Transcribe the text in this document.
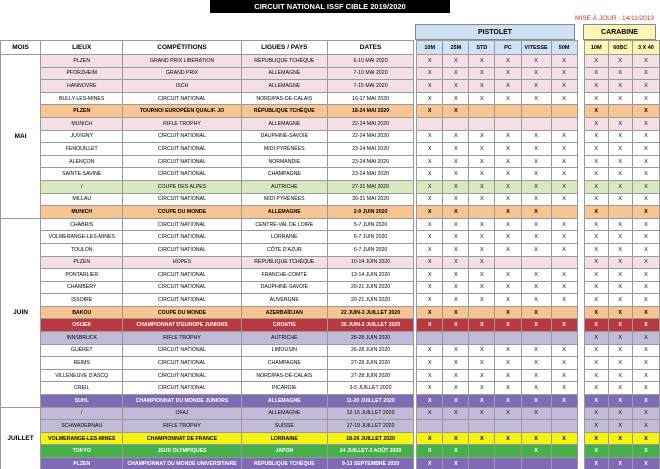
CIRCUIT NATIONAL ISSF CIBLE 2019/2020
MISE À JOUR : 14/11/2019
PISTOLET	CARABINE
MOIS	LIEUX	COMPÉTITIONS	LIGUES / PAYS	DATES		10M	25M	STD	PC	VITESSE	50M		10M	60BC	3 X 40
MAI	PLZEN	GRAND PRIX LIBÉRATION	RÉPUBLIQUE TCHÈQUE	6-10 MAI 2020		X	X	X	X	X	X		X	X	X
	PFORZHEIM	GRAND PRIX	ALLEMAGNE	7-10 MAI 2020		X	X	X	X	X	X		X	X	X
	HANNOVRE	ISCH	ALLEMAGNE	7-15 MAI 2020		X	X	X	X	X	X		X	X	X
	BULLY-LES-MINES	CIRCUIT NATIONAL	NORD/PAS-DE-CALAIS	16-17 MAI 2020		X	X	X	X	X	X		X	X	X
	PLZEN	TOURNOI EUROPÉEN QUALIF. JO	RÉPUBLIQUE TCHÈQUE	18-24 MAI 2020		X	X						X		X
	MUNICH	RIFLE TROPHY	ALLEMAGNE	22-24 MAI 2020									X	X	X
	JUVIGNY	CIRCUIT NATIONAL	DAUPHINÉ-SAVOIE	22-24 MAI 2020		X	X	X	X	X	X		X	X	X
	FENOUILLET	CIRCUIT NATIONAL	MIDI PYRÉNÉES	23-24 MAI 2020		X	X	X	X	X	X		X	X	X
	ALENÇON	CIRCUIT NATIONAL	NORMANDIE	23-24 MAI 2020		X	X	X	X	X	X		X	X	X
	SAINTE-SAVINE	CIRCUIT NATIONAL	CHAMPAGNE	23-24 MAI 2020		X	X	X	X	X	X		X	X	X
	/	COUPE DES ALPES	AUTRICHE	27-31 MAI 2020		X	X	X	X	X	X		X	X	X
	MILLAU	CIRCUIT NATIONAL	MIDI PYRÉNÉES	30-31 MAI 2020		X	X	X	X	X	X		X	X	X
	MUNICH	COUPE DU MONDE	ALLEMAGNE	2-9 JUIN 2020		X	X		X	X			X		X
JUIN	CHABRIS	CIRCUIT NATIONAL	CENTRE-VAL DE LOIRE	5-7 JUIN 2020		X	X	X	X	X	X		X	X	X
	VOLMERANGE-LES-MINES	CIRCUIT NATIONAL	LORRAINE	6-7 JUIN 2020		X	X	X	X	X	X		X	X	X
	TOULON	CIRCUIT NATIONAL	CÔTE D'AZUR	6-7 JUIN 2020		X	X	X	X	X	X		X	X	X
	PLZEN	HOPES	RÉPUBLIQUE TCHÈQUE	10-14 JUIN 2020		X	X	X					X	X	X
	PONTARLIER	CIRCUIT NATIONAL	FRANCHE-COMTÉ	13-14 JUIN 2020		X	X	X	X	X	X		X	X	X
	CHAMBÉRY	CIRCUIT NATIONAL	DAUPHINÉ-SAVOIE	20-21 JUIN 2020		X	X	X	X	X	X		X	X	X
	ISSOIRE	CIRCUIT NATIONAL	AUVERGNE	20-21 JUIN 2020		X	X	X	X	X	X		X	X	X
	BAKOU	COUPE DU MONDE	AZERBAÏDJAN	22 JUIN-3 JUILLET 2020		X	X		X	X			X	X	X
	OSIJEK	CHAMPIONNAT D'EUROPE JUNIORS	CROATIE	25 JUIN-2 JUILLET 2020		X	X	X	X	X	X		X	X	X
	INNSBRUCK	RIFLE TROPHY	AUTRICHE	26-28 JUIN 2020									X	X	X
	GUÉRET	CIRCUIT NATIONAL	LIMOUSIN	26-28 JUIN 2020		X	X	X	X	X	X		X	X	X
	REIMS	CIRCUIT NATIONAL	CHAMPAGNE	27-28 JUIN 2020		X	X	X	X	X	X		X	X	X
	VILLENEUVE D'ASCQ	CIRCUIT NATIONAL	NORD/PAS-DE-CALAIS	27-28 JUIN 2020		X	X	X	X	X	X		X	X	X
	CREIL	CIRCUIT NATIONAL	PICARDIE	3-5 JUILLET 2020		X	X	X	X	X	X		X	X	X
	SUHL	CHAMPIONNAT DU MONDE JUNIORS	ALLEMAGNE	11-20 JUILLET 2020		X	X	X	X	X	X		X	X	X
JUILLET	/	OFAJ	ALLEMAGNE	12-16 JUILLET 2020		X	X	X	X	X			X	X	X
	SCHWADERNAU	RIFLE TROPHY	SUISSE	17-19 JUILLET 2020									X	X	X
	VOLMERANGE-LES-MINES	CHAMPIONNAT DE FRANCE	LORRAINE	18-26 JUILLET 2020		X	X	X	X	X	X		X	X	X
	TOKYO	JEUX OLYMPIQUES	JAPON	24 JUILLET-3 AOÛT 2020		X	X			X			X		X
	PLZEN	CHAMPIONNAT DU MONDE UNIVERSITAIRE	RÉPUBLIQUE TCHÈQUE	9-13 SEPTEMBRE 2020		X	X						X	X	X
